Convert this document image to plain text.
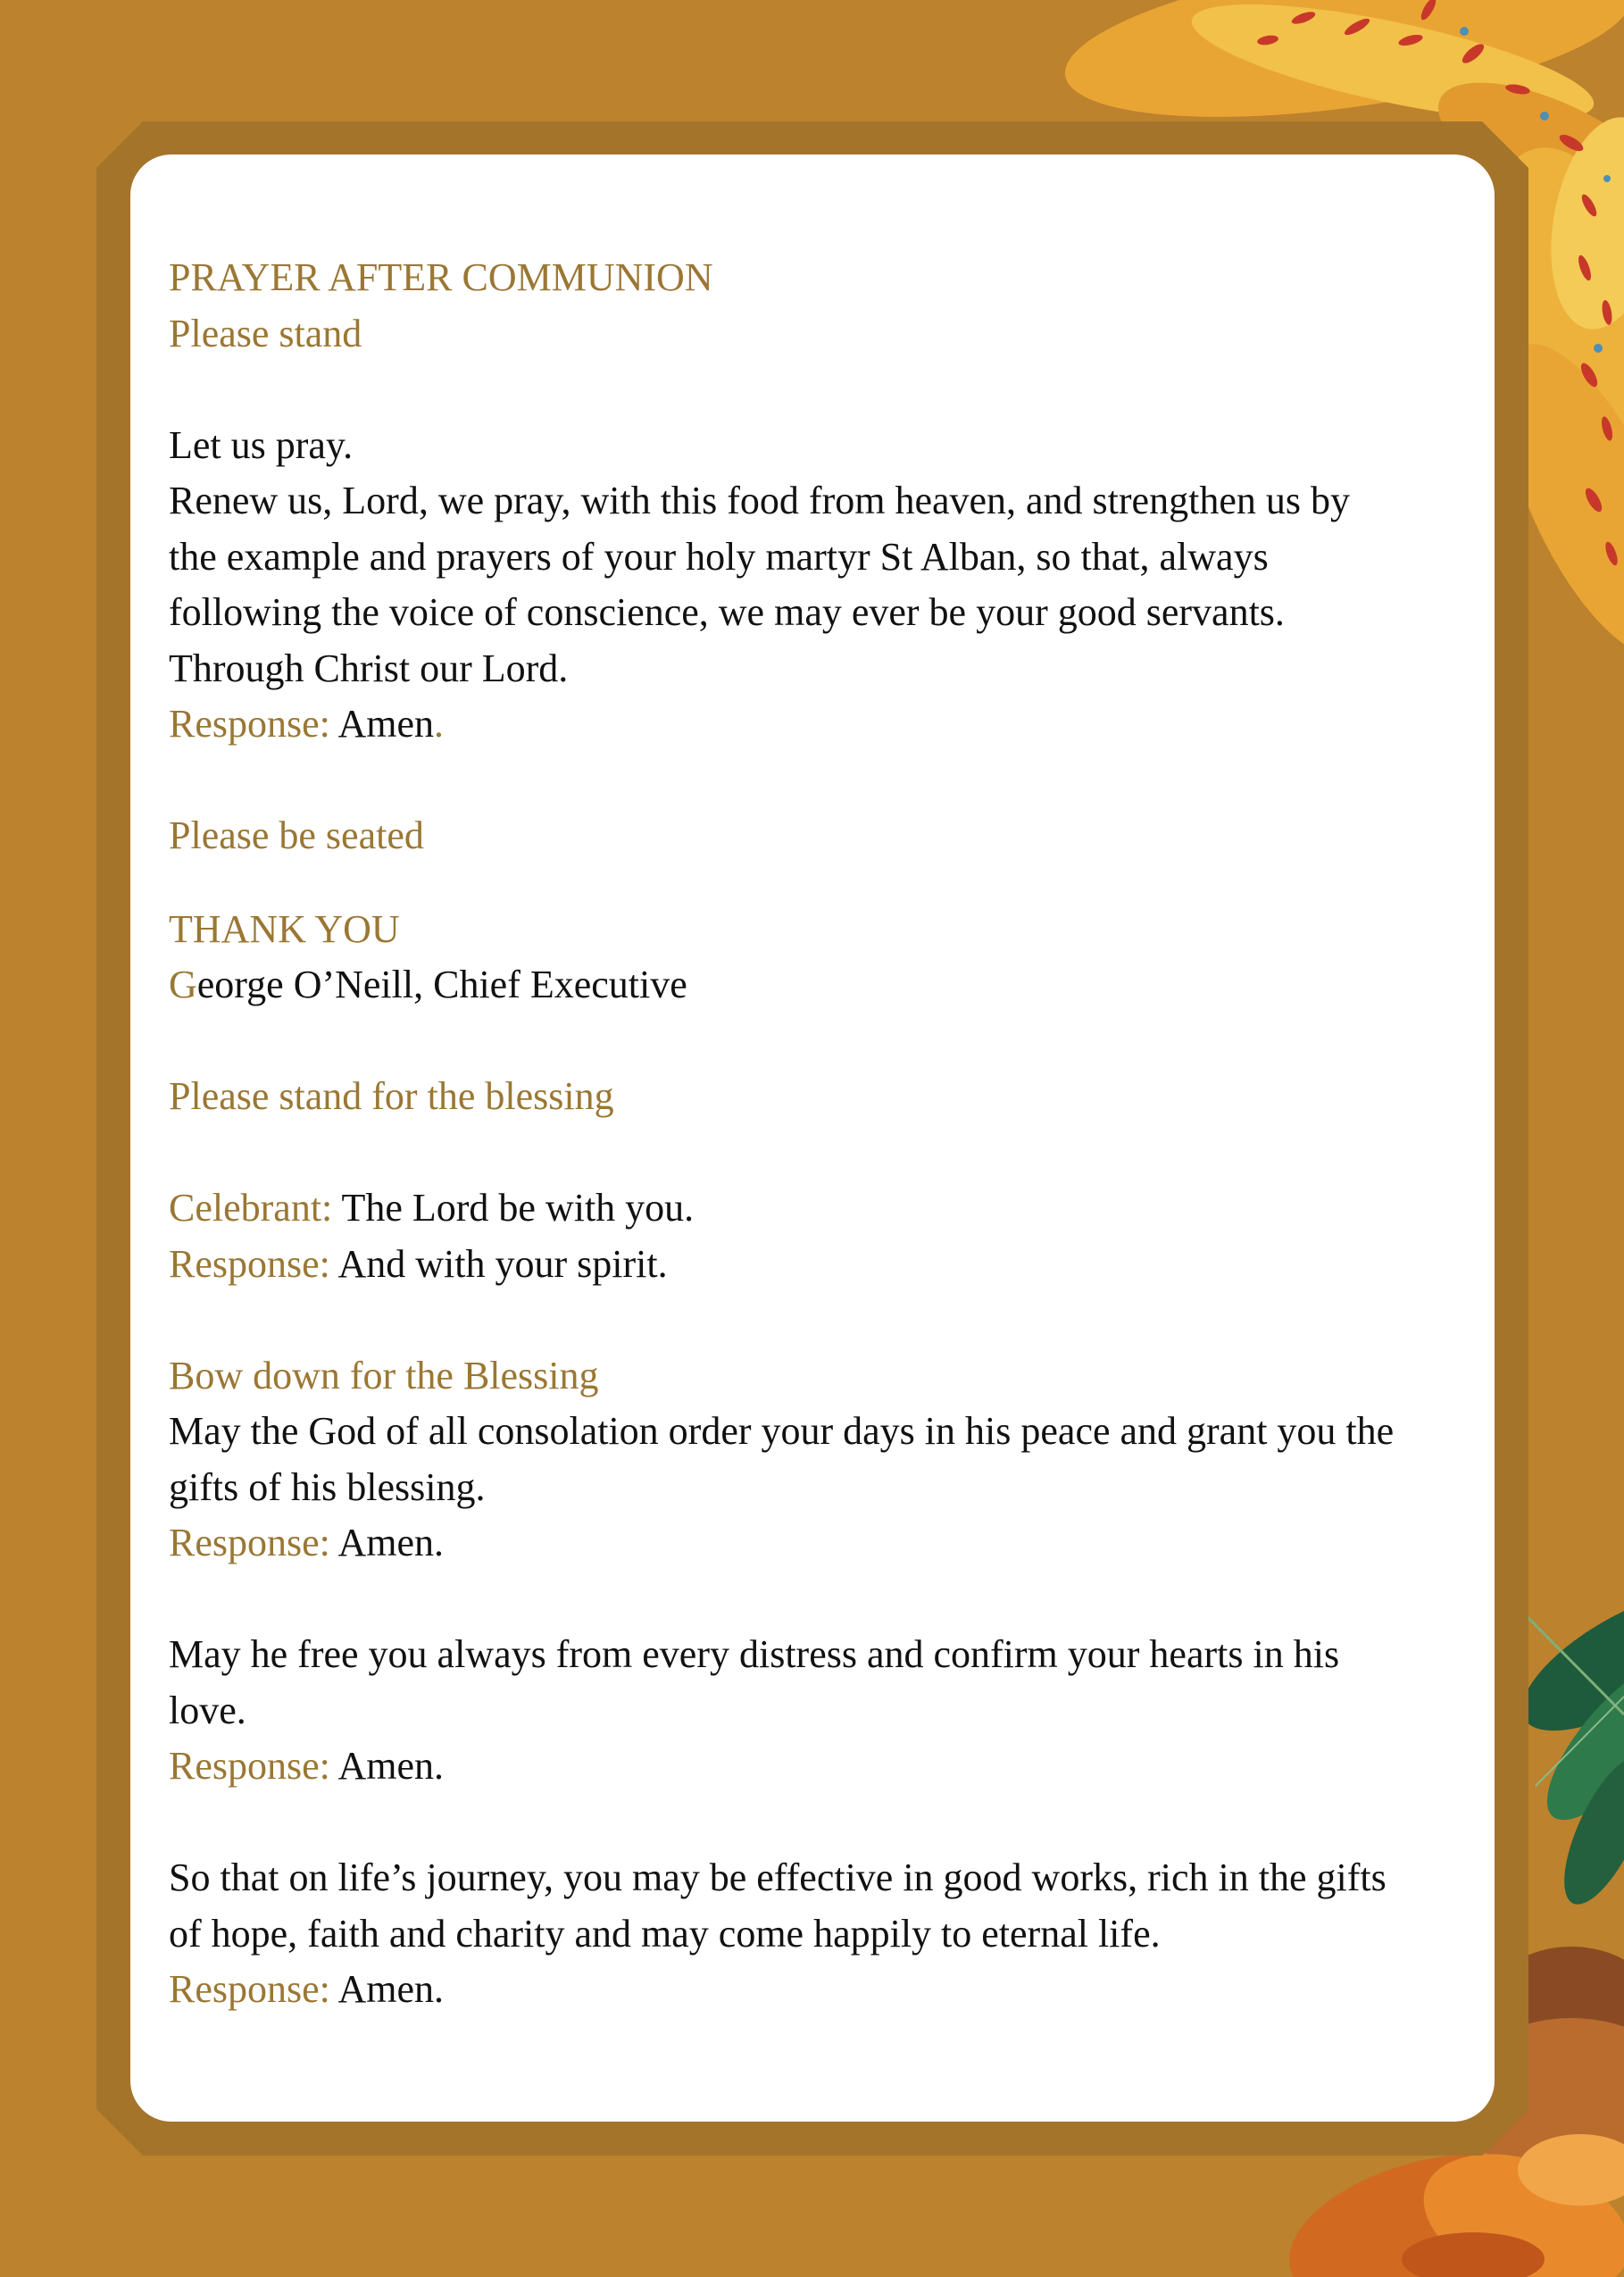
PRAYER AFTER COMMUNION

Please stand

Let us pray.

Renew us, Lord, we pray, with this food from heaven, and strengthen us by

the example and prayers of your holy martyr St Alban, so that, always

following the voice of conscience, we may ever be your good servants.

Through Christ our Lord.

Response: Amen.

Please be seated

THANK YOU

George O’Neill, Chief Executive

Please stand for the blessing

Celebrant: The Lord be with you.

Response: And with your spirit.

Bow down for the Blessing

May the God of all consolation order your days in his peace and grant you the

gifts of his blessing.

Response: Amen.

May he free you always from every distress and confirm your hearts in his

love.

Response: Amen.

So that on life’s journey, you may be effective in good works, rich in the gifts

of hope, faith and charity and may come happily to eternal life.

Response: Amen.
